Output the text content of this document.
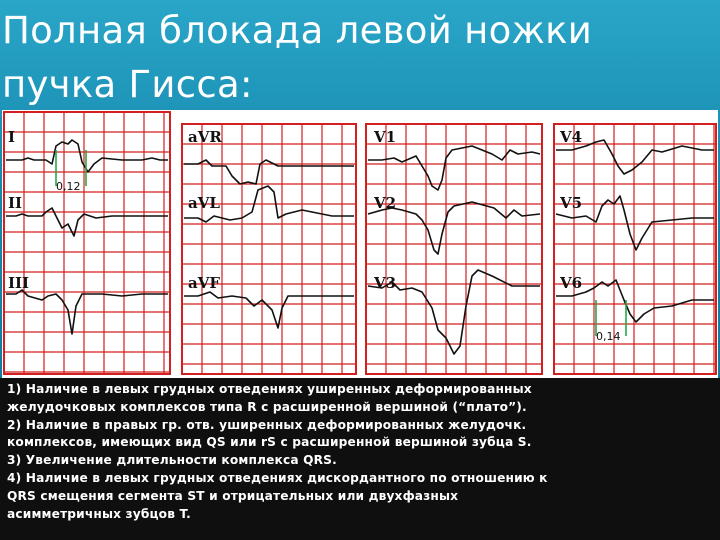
Полная блокада левой ножки
пучка Гисса:
I
II
III
aVR
aVL
aVF
V1
V2
V3
V4
V5
V6
0,12
0,14
1) Наличие в левых грудных отведениях уширенных деформированных
желудочковых комплексов типа R с расширенной вершиной (“плато”).
2) Наличие в правых гр. отв. уширенных деформированных желудочк.
комплексов, имеющих вид QS или rS с расширенной вершиной зубца S.
3) Увеличение длительности комплекса QRS.
4) Наличие в левых грудных отведениях дискордантного по отношению к
QRS смещения сегмента ST и отрицательных или двухфазных
асимметричных зубцов T.
